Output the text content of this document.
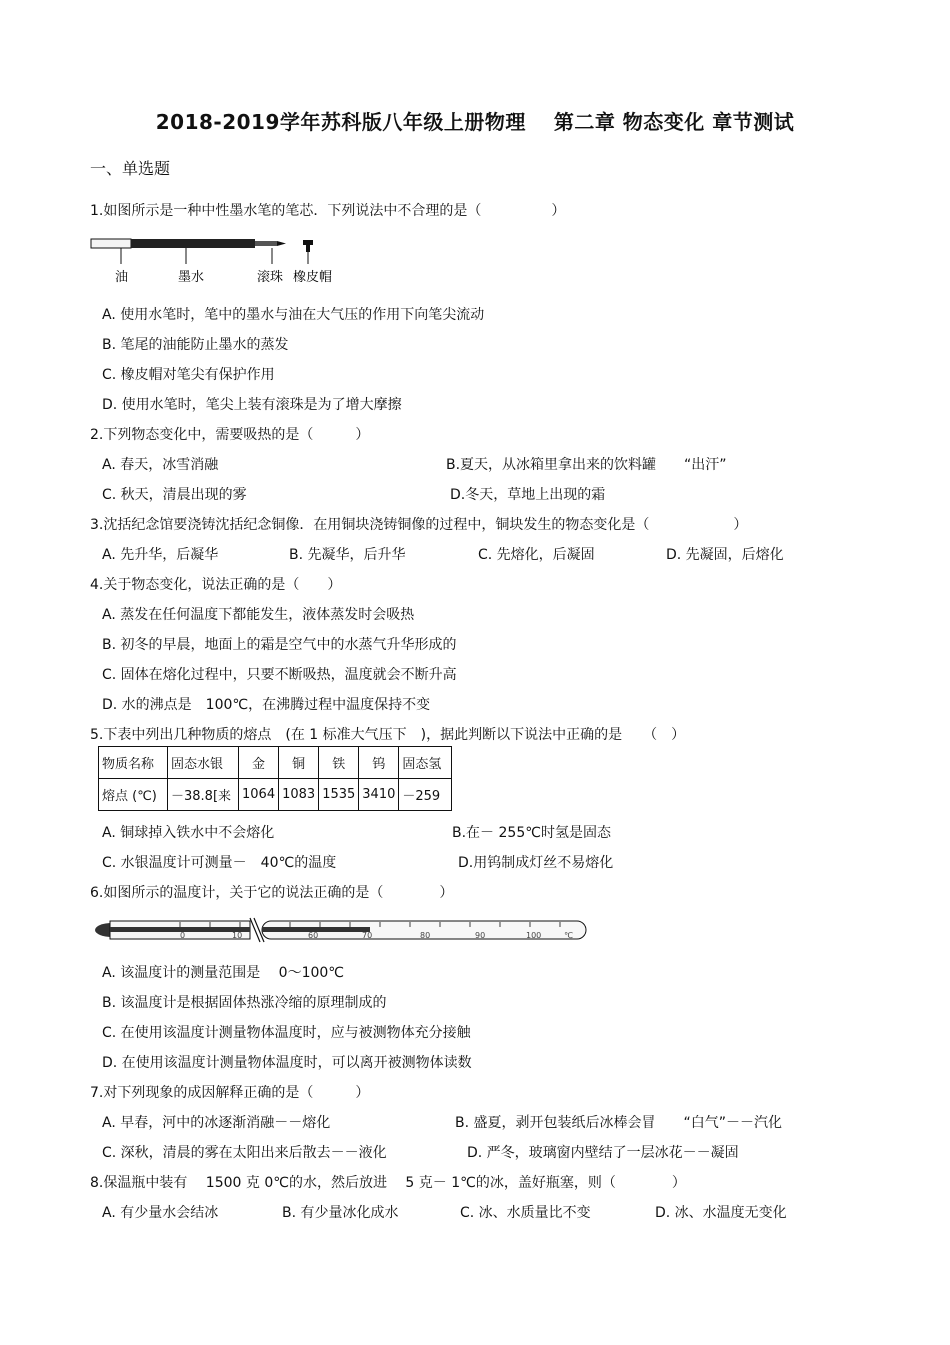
2018-2019学年苏科版八年级上册物理　 第二章 物态变化 章节测试
一、单选题
1.如图所示是一种中性墨水笔的笔芯．下列说法中不合理的是（　　　　　）
油	墨水	滚珠 橡皮帽
A. 使用水笔时，笔中的墨水与油在大气压的作用下向笔尖流动
B. 笔尾的油能防止墨水的蒸发
C. 橡皮帽对笔尖有保护作用
D. 使用水笔时，笔尖上装有滚珠是为了增大摩擦
2.下列物态变化中，需要吸热的是（　　　）
A. 春天，冰雪消融	B.夏天，从冰箱里拿出来的饮料罐　　“出汗”
C. 秋天，清晨出现的雾	D.冬天，草地上出现的霜
3.沈括纪念馆要浇铸沈括纪念铜像．在用铜块浇铸铜像的过程中，铜块发生的物态变化是（　　　　　　）
A. 先升华，后凝华	B. 先凝华，后升华	C. 先熔化，后凝固	D. 先凝固，后熔化
4.关于物态变化，说法正确的是（　　）
A. 蒸发在任何温度下都能发生，液体蒸发时会吸热
B. 初冬的早晨，地面上的霜是空气中的水蒸气升华形成的
C. 固体在熔化过程中，只要不断吸热，温度就会不断升高
D. 水的沸点是　100℃，在沸腾过程中温度保持不变
5.下表中列出几种物质的熔点　(在 1 标准大气压下　)，据此判断以下说法中正确的是　　（　）
物质名称	固态水银	金	铜	铁	钨	固态氢
熔点 (℃)	－38.8[来	1064	1083	1535	3410	－259
A. 铜球掉入铁水中不会熔化	B.在－ 255℃时氢是固态
C. 水银温度计可测量－　40℃的温度	D.用钨制成灯丝不易熔化
6.如图所示的温度计，关于它的说法正确的是（　　　　）
0	10	60	70	80	90	100	℃
A. 该温度计的测量范围是　 0～100℃
B. 该温度计是根据固体热涨冷缩的原理制成的
C. 在使用该温度计测量物体温度时，应与被测物体充分接触
D. 在使用该温度计测量物体温度时，可以离开被测物体读数
7.对下列现象的成因解释正确的是（　　　）
A. 早春，河中的冰逐渐消融－－熔化	B. 盛夏，剥开包装纸后冰棒会冒　　“白气”－－汽化
C. 深秋，清晨的雾在太阳出来后散去－－液化	D. 严冬，玻璃窗内壁结了一层冰花－－凝固
8.保温瓶中装有　 1500 克 0℃的水，然后放进　 5 克－ 1℃的冰，盖好瓶塞，则（　　　　）
A. 有少量水会结冰	B. 有少量冰化成水	C. 冰、水质量比不变	D. 冰、水温度无变化
